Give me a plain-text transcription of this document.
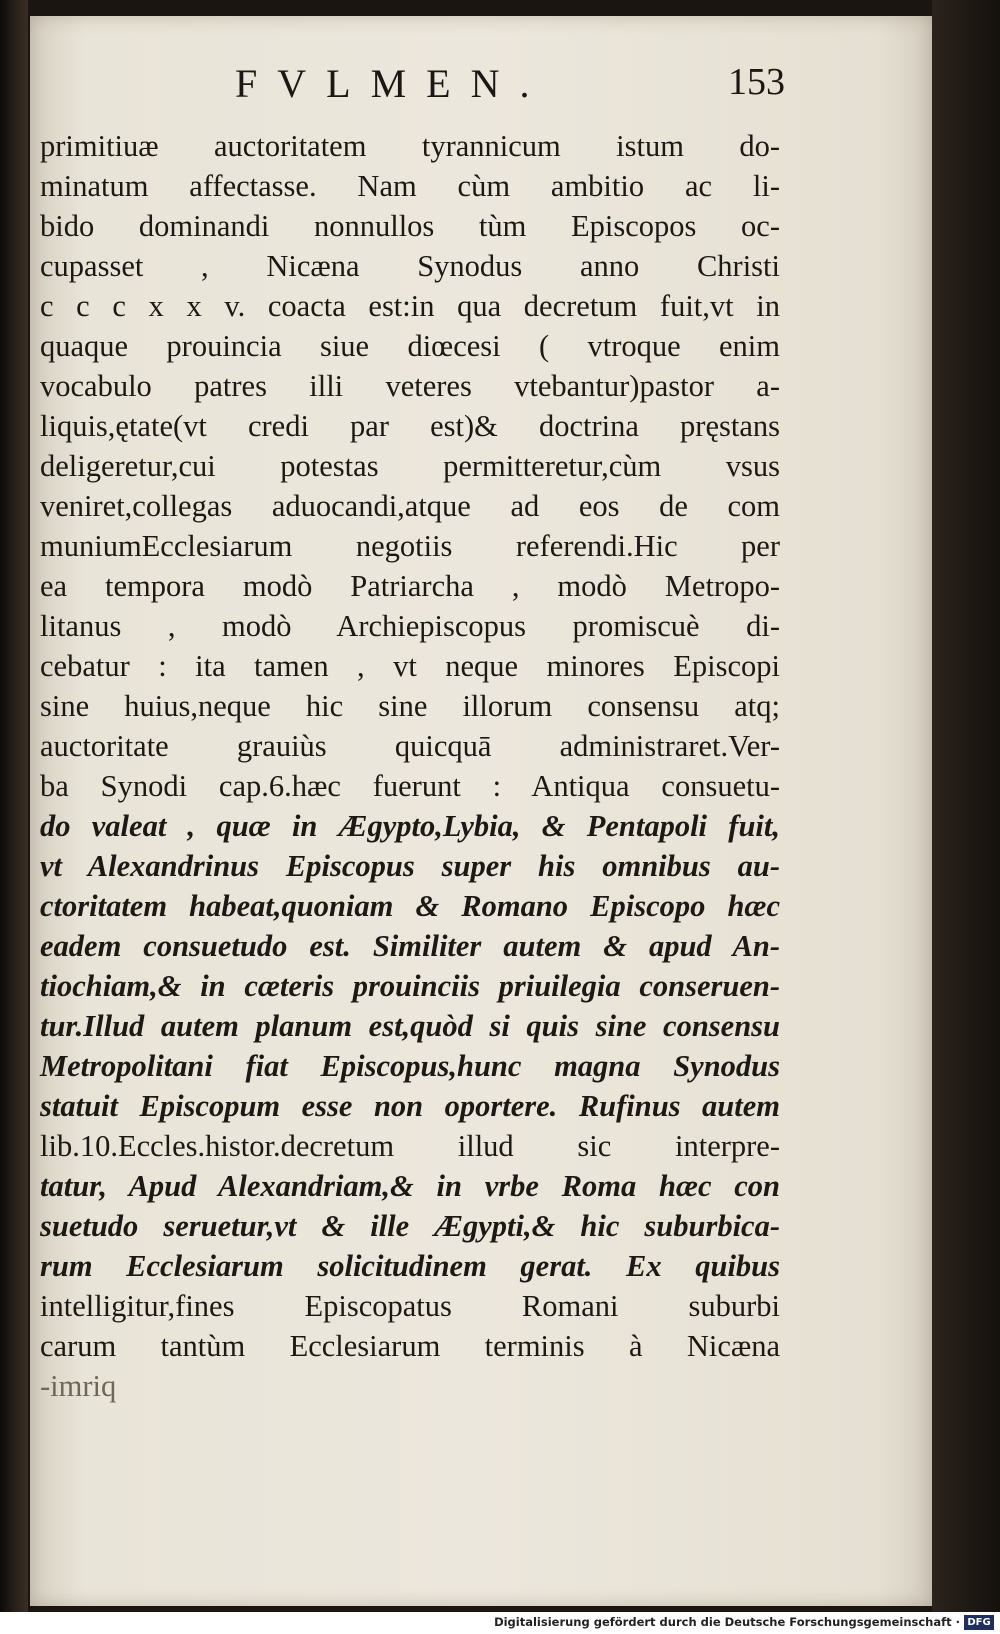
FVLMEN.	153
primitiuæ auctoritatem tyrannicum istum do-
minatum affectasse. Nam cùm ambitio ac li-
bido dominandi nonnullos tùm Episcopos oc-
cupasset , Nicæna Synodus anno Christi
c c c x x v. coacta est:in qua decretum fuit,vt in
quaque prouincia siue diœcesi ( vtroque enim
vocabulo patres illi veteres vtebantur)pastor a-
liquis,ętate(vt credi par est)& doctrina pręstans
deligeretur,cui potestas permitteretur,cùm vsus
veniret,collegas aduocandi,atque ad eos de com
muniumEcclesiarum negotiis referendi.Hic per
ea tempora modò Patriarcha , modò Metropo-
litanus , modò Archiepiscopus promiscuè di-
cebatur : ita tamen , vt neque minores Episcopi
sine huius,neque hic sine illorum consensu atq;
auctoritate grauiùs quicquā administraret.Ver-
ba Synodi cap.6.hæc fuerunt : Antiqua consuetu-
do valeat , quæ in Ægypto,Lybia, & Pentapoli fuit,
vt Alexandrinus Episcopus super his omnibus au-
ctoritatem habeat,quoniam & Romano Episcopo hæc
eadem consuetudo est. Similiter autem & apud An-
tiochiam,& in cæteris prouinciis priuilegia conseruen-
tur.Illud autem planum est,quòd si quis sine consensu
Metropolitani fiat Episcopus,hunc magna Synodus
statuit Episcopum esse non oportere. Rufinus autem
lib.10.Eccles.histor.decretum illud sic interpre-
tatur, Apud Alexandriam,& in vrbe Roma hæc con
suetudo seruetur,vt & ille Ægypti,& hic suburbica-
rum Ecclesiarum solicitudinem gerat. Ex quibus
intelligitur,fines Episcopatus Romani suburbi
carum tantùm Ecclesiarum terminis à Nicæna
-imriq
Digitalisierung gefördert durch die Deutsche Forschungsgemeinschaft · DFG
